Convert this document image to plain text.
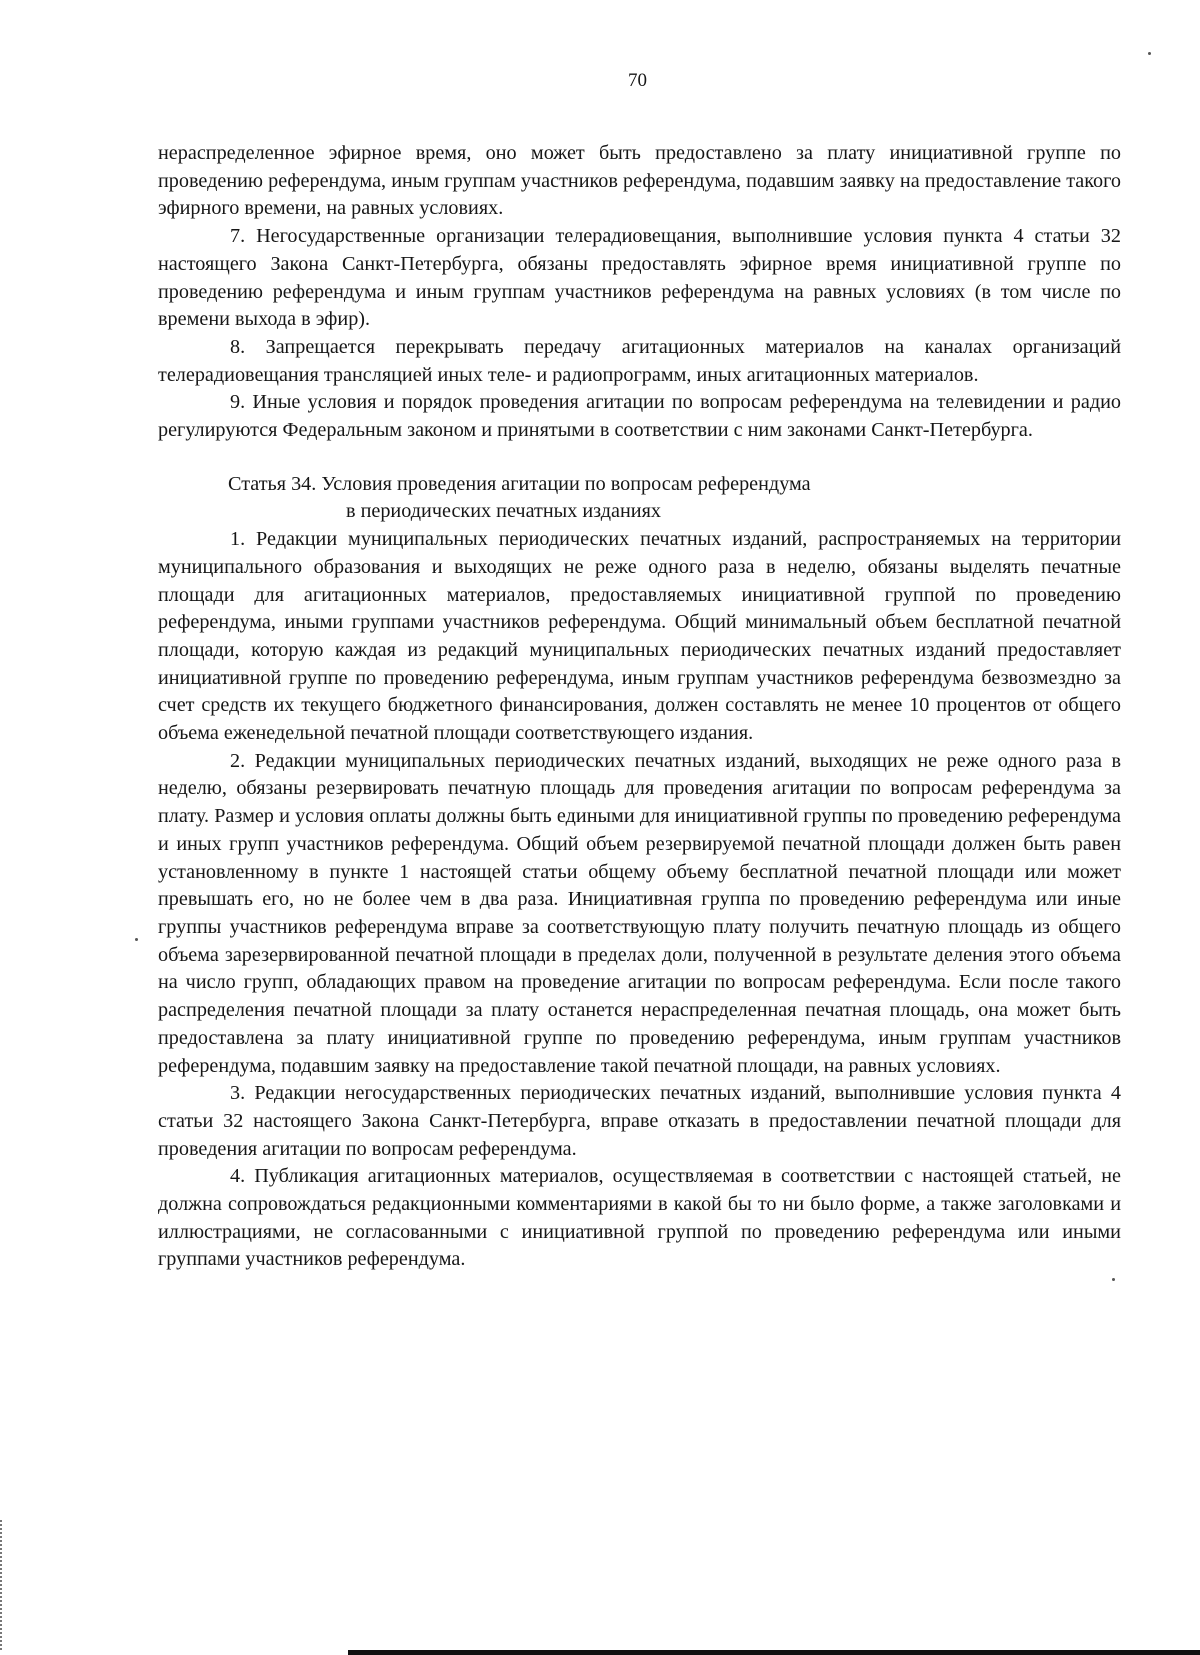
70

нераспределенное эфирное время, оно может быть предоставлено за плату инициативной группе по проведению референдума, иным группам участников референдума, подавшим заявку на предоставление такого эфирного времени, на равных условиях.

7. Негосударственные организации телерадиовещания, выполнившие условия пункта 4 статьи 32 настоящего Закона Санкт-Петербурга, обязаны предоставлять эфирное время инициативной группе по проведению референдума и иным группам участников референдума на равных условиях (в том числе по времени выхода в эфир).

8. Запрещается перекрывать передачу агитационных материалов на каналах организаций телерадиовещания трансляцией иных теле- и радиопрограмм, иных агитационных материалов.

9. Иные условия и порядок проведения агитации по вопросам референдума на телевидении и радио регулируются Федеральным законом и принятыми в соответствии с ним законами Санкт-Петербурга.

Статья 34. Условия проведения агитации по вопросам референдума
в периодических печатных изданиях

1. Редакции муниципальных периодических печатных изданий, распространяемых на территории муниципального образования и выходящих не реже одного раза в неделю, обязаны выделять печатные площади для агитационных материалов, предоставляемых инициативной группой по проведению референдума, иными группами участников референдума. Общий минимальный объем бесплатной печатной площади, которую каждая из редакций муниципальных периодических печатных изданий предоставляет инициативной группе по проведению референдума, иным группам участников референдума безвозмездно за счет средств их текущего бюджетного финансирования, должен составлять не менее 10 процентов от общего объема еженедельной печатной площади соответствующего издания.

2. Редакции муниципальных периодических печатных изданий, выходящих не реже одного раза в неделю, обязаны резервировать печатную площадь для проведения агитации по вопросам референдума за плату. Размер и условия оплаты должны быть едиными для инициативной группы по проведению референдума и иных групп участников референдума. Общий объем резервируемой печатной площади должен быть равен установленному в пункте 1 настоящей статьи общему объему бесплатной печатной площади или может превышать его, но не более чем в два раза. Инициативная группа по проведению референдума или иные группы участников референдума вправе за соответствующую плату получить печатную площадь из общего объема зарезервированной печатной площади в пределах доли, полученной в результате деления этого объема на число групп, обладающих правом на проведение агитации по вопросам референдума. Если после такого распределения печатной площади за плату останется нераспределенная печатная площадь, она может быть предоставлена за плату инициативной группе по проведению референдума, иным группам участников референдума, подавшим заявку на предоставление такой печатной площади, на равных условиях.

3. Редакции негосударственных периодических печатных изданий, выполнившие условия пункта 4 статьи 32 настоящего Закона Санкт-Петербурга, вправе отказать в предоставлении печатной площади для проведения агитации по вопросам референдума.

4. Публикация агитационных материалов, осуществляемая в соответствии с настоящей статьей, не должна сопровождаться редакционными комментариями в какой бы то ни было форме, а также заголовками и иллюстрациями, не согласованными с инициативной группой по проведению референдума или иными группами участников референдума.
